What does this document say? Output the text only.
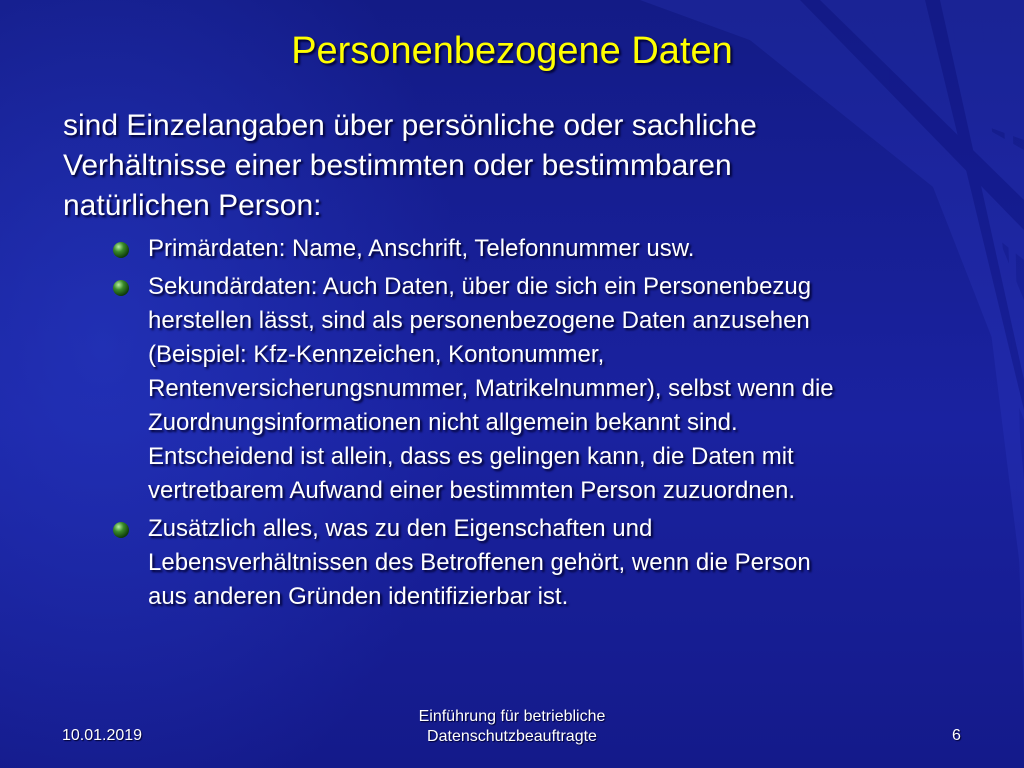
Personenbezogene Daten

sind Einzelangaben über persönliche oder sachliche
Verhältnisse einer bestimmten oder bestimmbaren
natürlichen Person:

Primärdaten: Name, Anschrift, Telefonnummer usw.
Sekundärdaten: Auch Daten, über die sich ein Personenbezug
herstellen lässt, sind als personenbezogene Daten anzusehen
(Beispiel: Kfz-Kennzeichen, Kontonummer,
Rentenversicherungsnummer, Matrikelnummer), selbst wenn die
Zuordnungsinformationen nicht allgemein bekannt sind.
Entscheidend ist allein, dass es gelingen kann, die Daten mit
vertretbarem Aufwand einer bestimmten Person zuzuordnen.
Zusätzlich alles, was zu den Eigenschaften und
Lebensverhältnissen des Betroffenen gehört, wenn die Person
aus anderen Gründen identifizierbar ist.
10.01.2019
Einführung für betriebliche
Datenschutzbeauftragte	6
